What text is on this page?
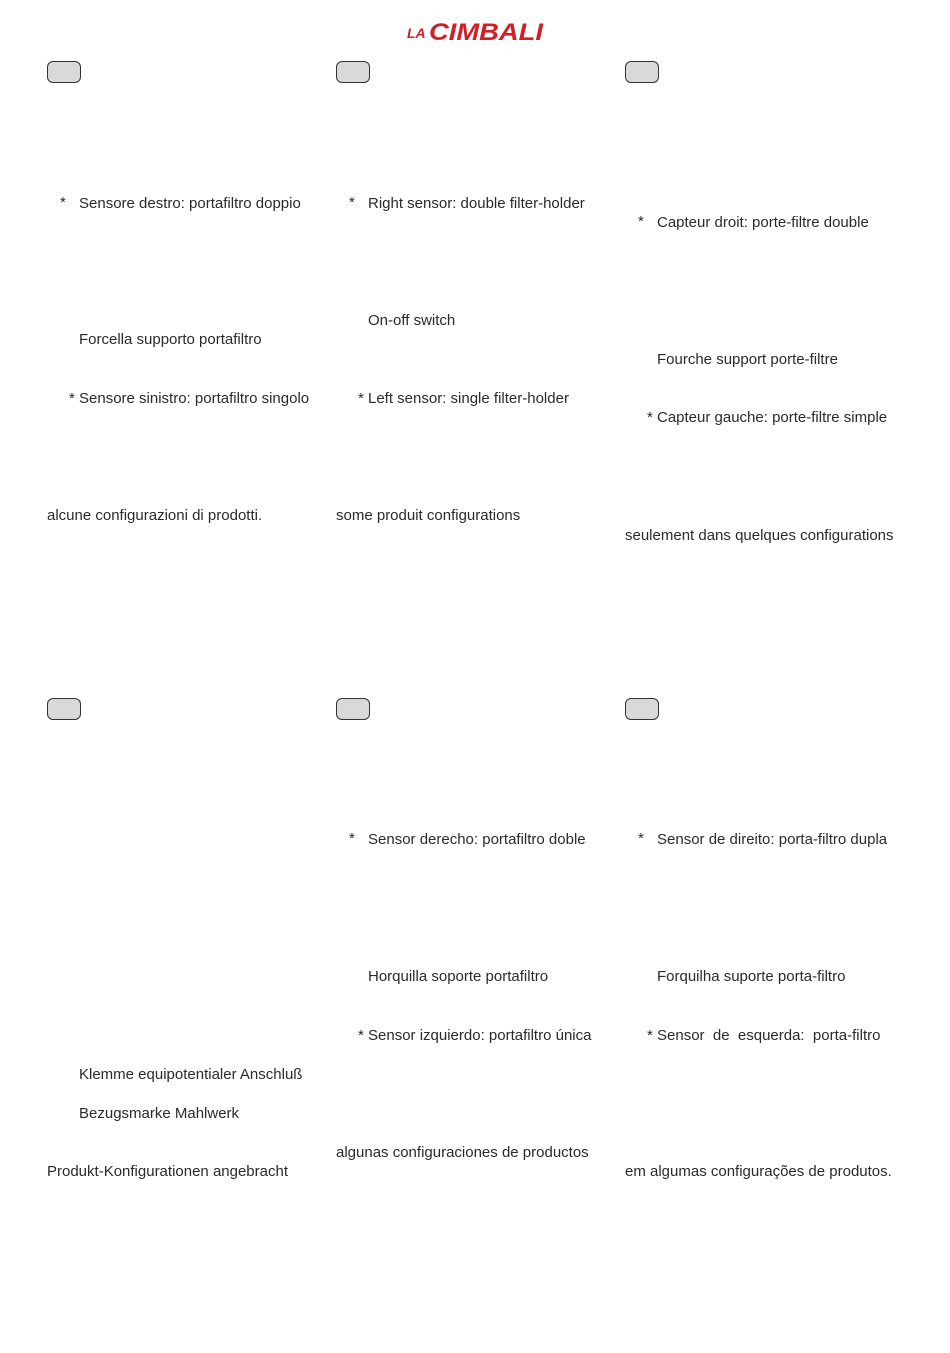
LA CIMBALI
* Sensore destro: portafiltro doppio
Forcella supporto portafiltro
* Sensore sinistro: portafiltro singolo
alcune configurazioni di prodotti.
* Right sensor: double filter-holder
On-off switch
* Left sensor: single filter-holder
some produit configurations
* Capteur droit: porte-filtre double
Fourche support porte-filtre
* Capteur gauche: porte-filtre simple
seulement dans quelques configurations
Klemme equipotentialer Anschluß
Bezugsmarke Mahlwerk
Produkt-Konfigurationen angebracht
* Sensor derecho: portafiltro doble
Horquilla soporte portafiltro
* Sensor izquierdo: portafiltro única
algunas configuraciones de productos
* Sensor de direito: porta-filtro dupla
Forquilha suporte porta-filtro
* Sensor  de  esquerda:  porta-filtro
em algumas configurações de produtos.
